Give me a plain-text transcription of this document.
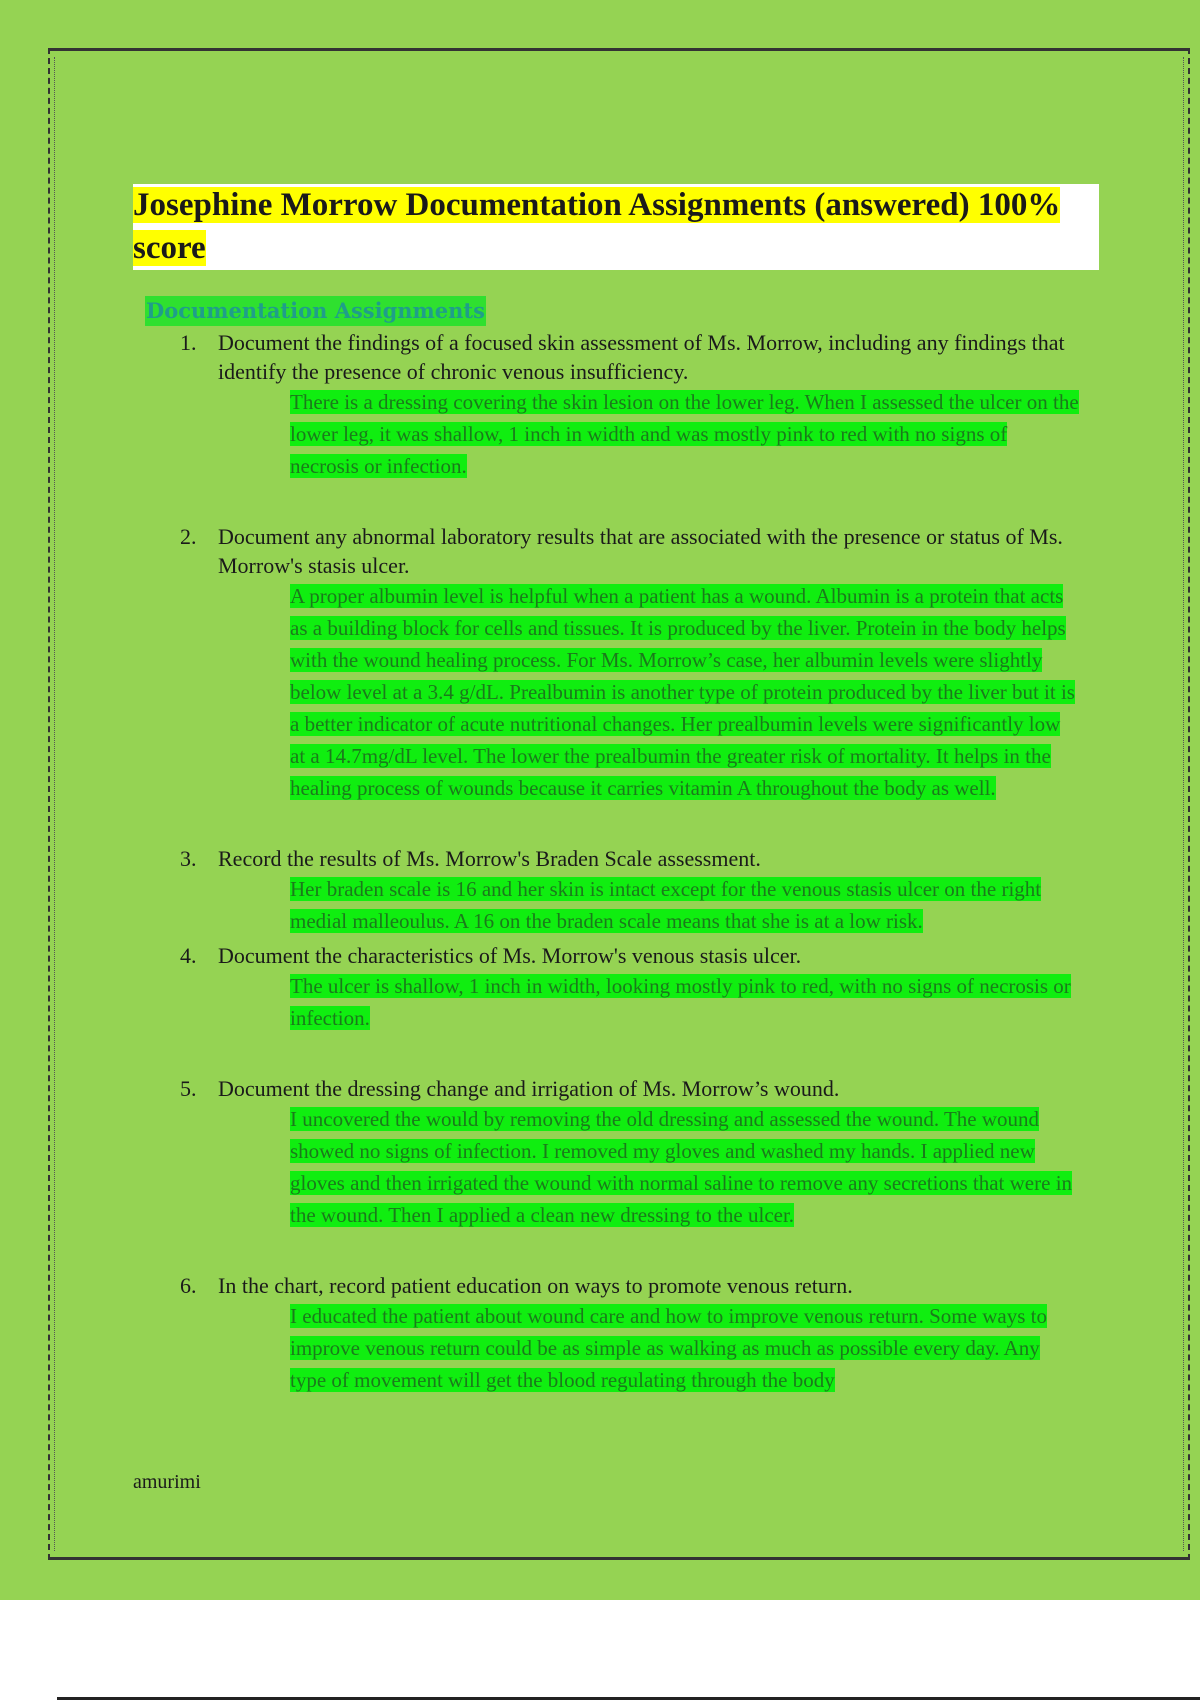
Josephine Morrow Documentation Assignments (answered) 100% score
Documentation Assignments
1. Document the findings of a focused skin assessment of Ms. Morrow, including any findings that identify the presence of chronic venous insufficiency.

There is a dressing covering the skin lesion on the lower leg. When I assessed the ulcer on the lower leg, it was shallow, 1 inch in width and was mostly pink to red with no signs of necrosis or infection.

2. Document any abnormal laboratory results that are associated with the presence or status of Ms. Morrow's stasis ulcer.

A proper albumin level is helpful when a patient has a wound. Albumin is a protein that acts as a building block for cells and tissues. It is produced by the liver. Protein in the body helps with the wound healing process. For Ms. Morrow’s case, her albumin levels were slightly below level at a 3.4 g/dL. Prealbumin is another type of protein produced by the liver but it is a better indicator of acute nutritional changes. Her prealbumin levels were significantly low at a 14.7mg/dL level. The lower the prealbumin the greater risk of mortality. It helps in the healing process of wounds because it carries vitamin A throughout the body as well.

3. Record the results of Ms. Morrow's Braden Scale assessment.

Her braden scale is 16 and her skin is intact except for the venous stasis ulcer on the right medial malleoulus. A 16 on the braden scale means that she is at a low risk.

4. Document the characteristics of Ms. Morrow's venous stasis ulcer.

The ulcer is shallow, 1 inch in width, looking mostly pink to red, with no signs of necrosis or infection.

5. Document the dressing change and irrigation of Ms. Morrow’s wound.

I uncovered the would by removing the old dressing and assessed the wound. The wound showed no signs of infection. I removed my gloves and washed my hands. I applied new gloves and then irrigated the wound with normal saline to remove any secretions that were in the wound. Then I applied a clean new dressing to the ulcer.

6. In the chart, record patient education on ways to promote venous return.

I educated the patient about wound care and how to improve venous return. Some ways to improve venous return could be as simple as walking as much as possible every day. Any type of movement will get the blood regulating through the body

amurimi
